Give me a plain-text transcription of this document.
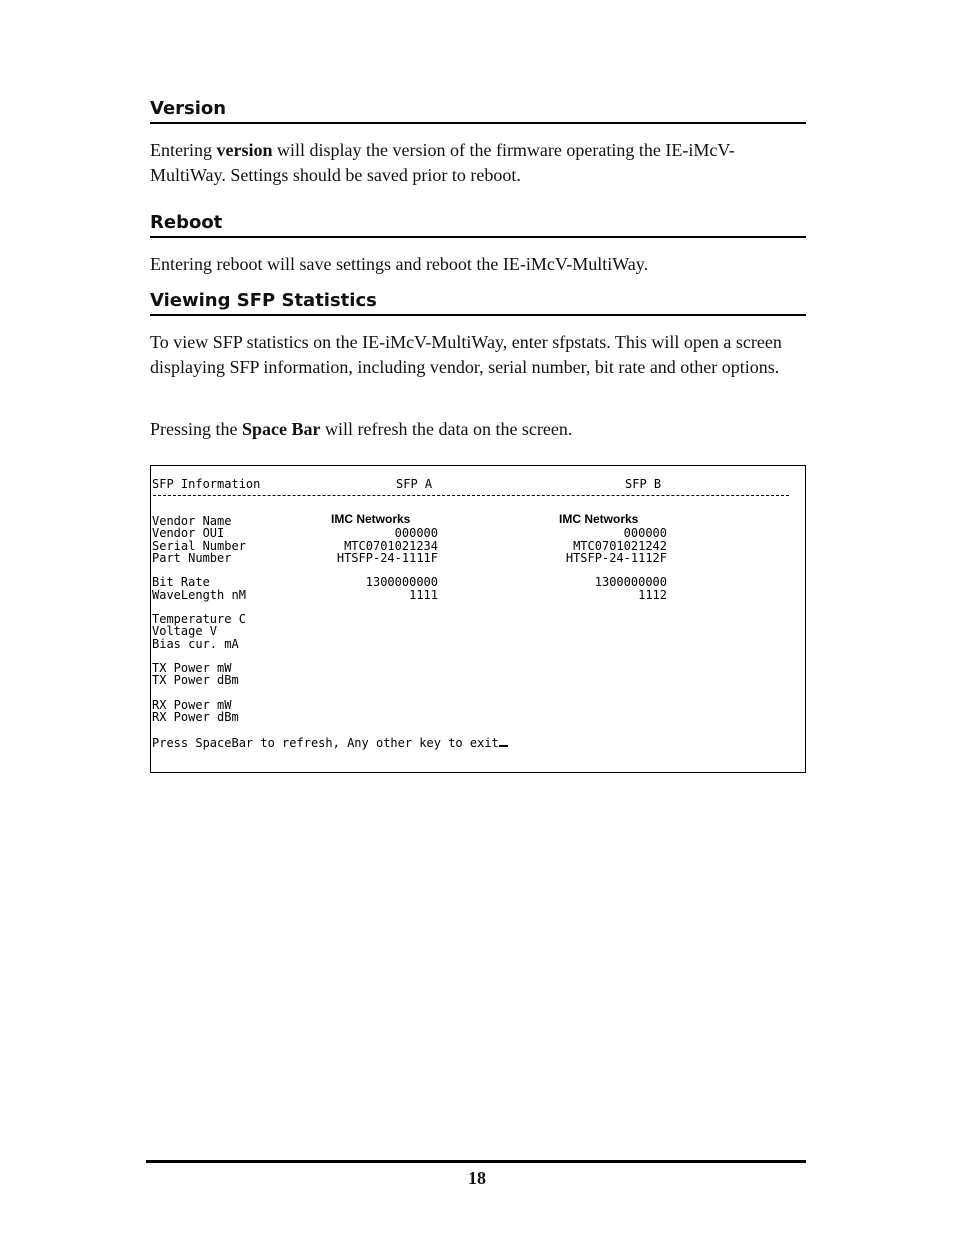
Version

Entering version will display the version of the firmware operating the IE-iMcV-MultiWay. Settings should be saved prior to reboot.

Reboot

Entering reboot will save settings and reboot the IE-iMcV-MultiWay.

Viewing SFP Statistics

To view SFP statistics on the IE-iMcV-MultiWay, enter sfpstats. This will open a screen displaying SFP information, including vendor, serial number, bit rate and other options.

Pressing the Space Bar will refresh the data on the screen.

SFP Information	SFP A	SFP B
Vendor Name
Vendor OUI
Serial Number
Part Number
Bit Rate
WaveLength nM
Temperature C
Voltage V
Bias cur. mA
TX Power mW
TX Power dBm
RX Power mW
RX Power dBm
IMC Networks
000000
MTC0701021234
HTSFP-24-1111F
1300000000
1111
IMC Networks
000000
MTC0701021242
HTSFP-24-1112F
1300000000
1112
Press SpaceBar to refresh, Any other key to exit
18
